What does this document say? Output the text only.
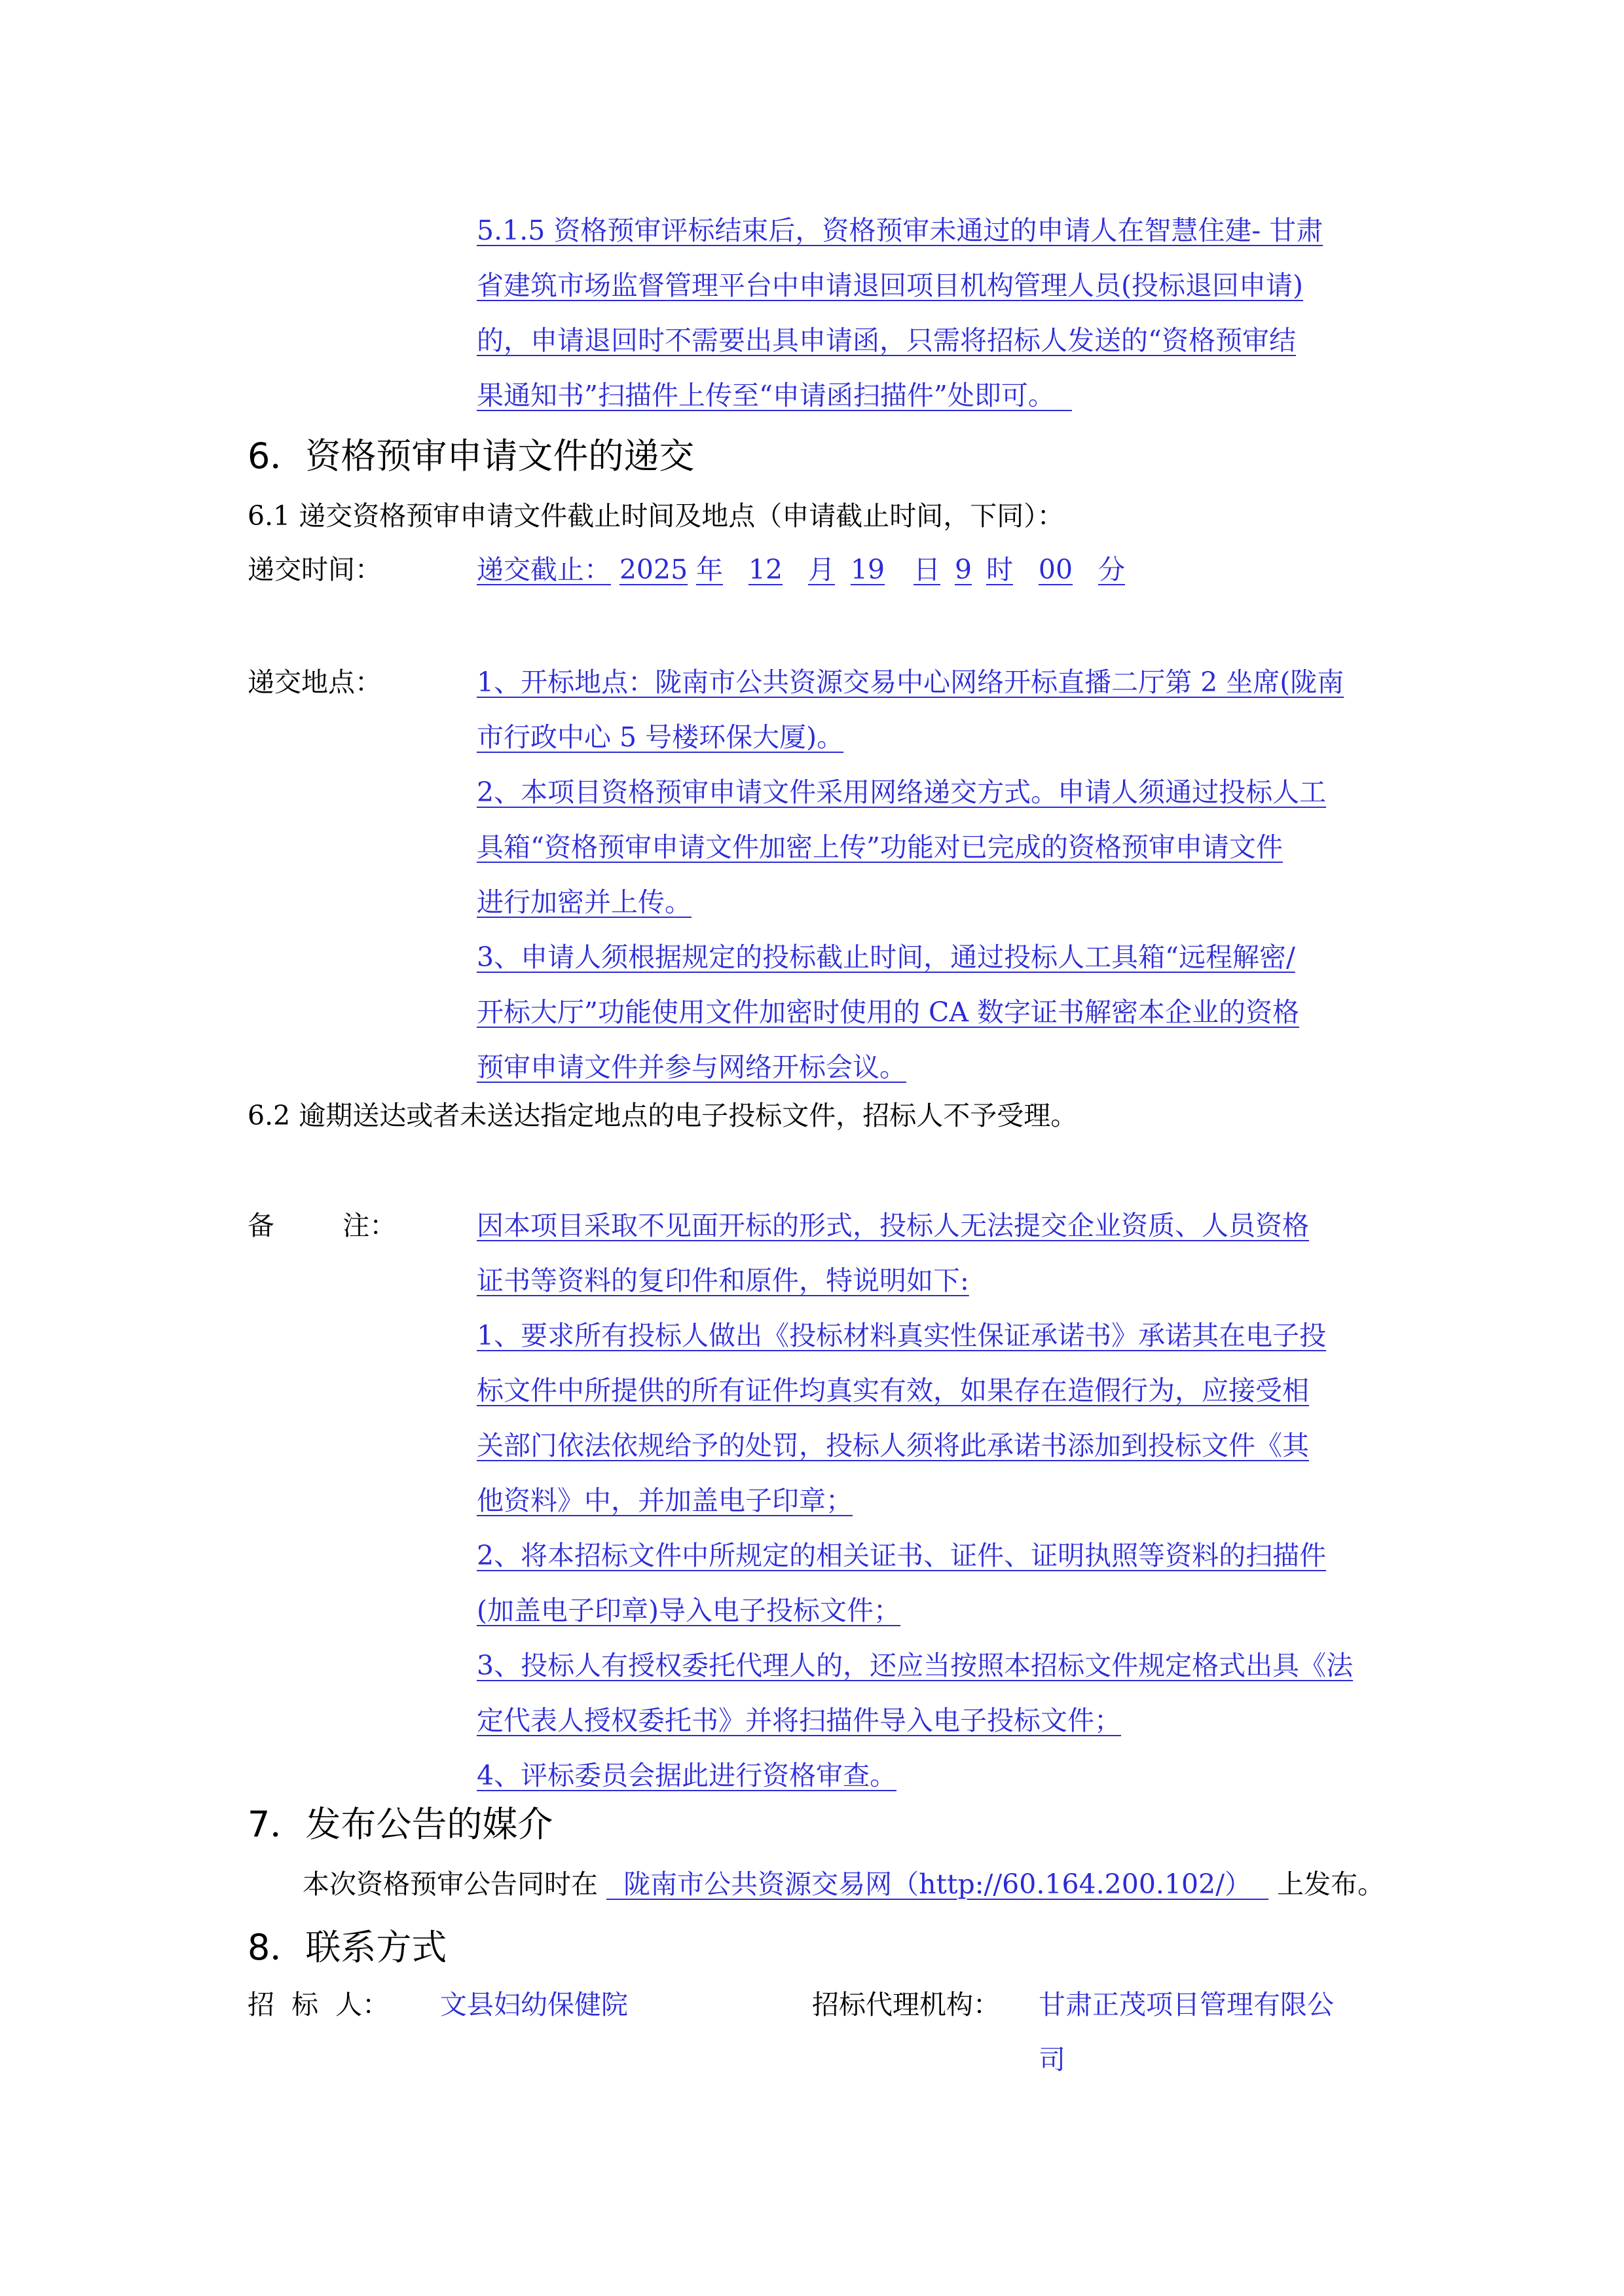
5.1.5 资格预审评标结束后，资格预审未通过的申请人在智慧住建- 甘肃

省建筑市场监督管理平台中申请退回项目机构管理人员(投标退回申请)

的，申请退回时不需要出具申请函，只需将招标人发送的“资格预审结

果通知书”扫描件上传至“申请函扫描件”处即可。

6．资格预审申请文件的递交
6.1 递交资格预审申请文件截止时间及地点（申请截止时间，下同）：
递交时间：	递交截止： 2025 年 12 月 19 日 9 时 00 分
递交地点：	1、开标地点：陇南市公共资源交易中心网络开标直播二厅第 2 坐席(陇南

市行政中心 5 号楼环保大厦)。

2、本项目资格预审申请文件采用网络递交方式。申请人须通过投标人工

具箱“资格预审申请文件加密上传”功能对已完成的资格预审申请文件

进行加密并上传。

3、申请人须根据规定的投标截止时间，通过投标人工具箱“远程解密/

开标大厅”功能使用文件加密时使用的 CA 数字证书解密本企业的资格

预审申请文件并参与网络开标会议。

6.2 逾期送达或者未送达指定地点的电子投标文件，招标人不予受理。
备        注：	因本项目采取不见面开标的形式，投标人无法提交企业资质、人员资格

证书等资料的复印件和原件，特说明如下:

1、要求所有投标人做出《投标材料真实性保证承诺书》承诺其在电子投

标文件中所提供的所有证件均真实有效，如果存在造假行为，应接受相

关部门依法依规给予的处罚，投标人须将此承诺书添加到投标文件《其

他资料》中，并加盖电子印章；

2、将本招标文件中所规定的相关证书、证件、证明执照等资料的扫描件

(加盖电子印章)导入电子投标文件；

3、投标人有授权委托代理人的，还应当按照本招标文件规定格式出具《法

定代表人授权委托书》并将扫描件导入电子投标文件；

4、评标委员会据此进行资格审查。

7．发布公告的媒介
本次资格预审公告同时在 陇南市公共资源交易网（http://60.164.200.102/） 上发布。
8．联系方式
招  标  人： 文县妇幼保健院	招标代理机构： 甘肃正茂项目管理有限公

司
